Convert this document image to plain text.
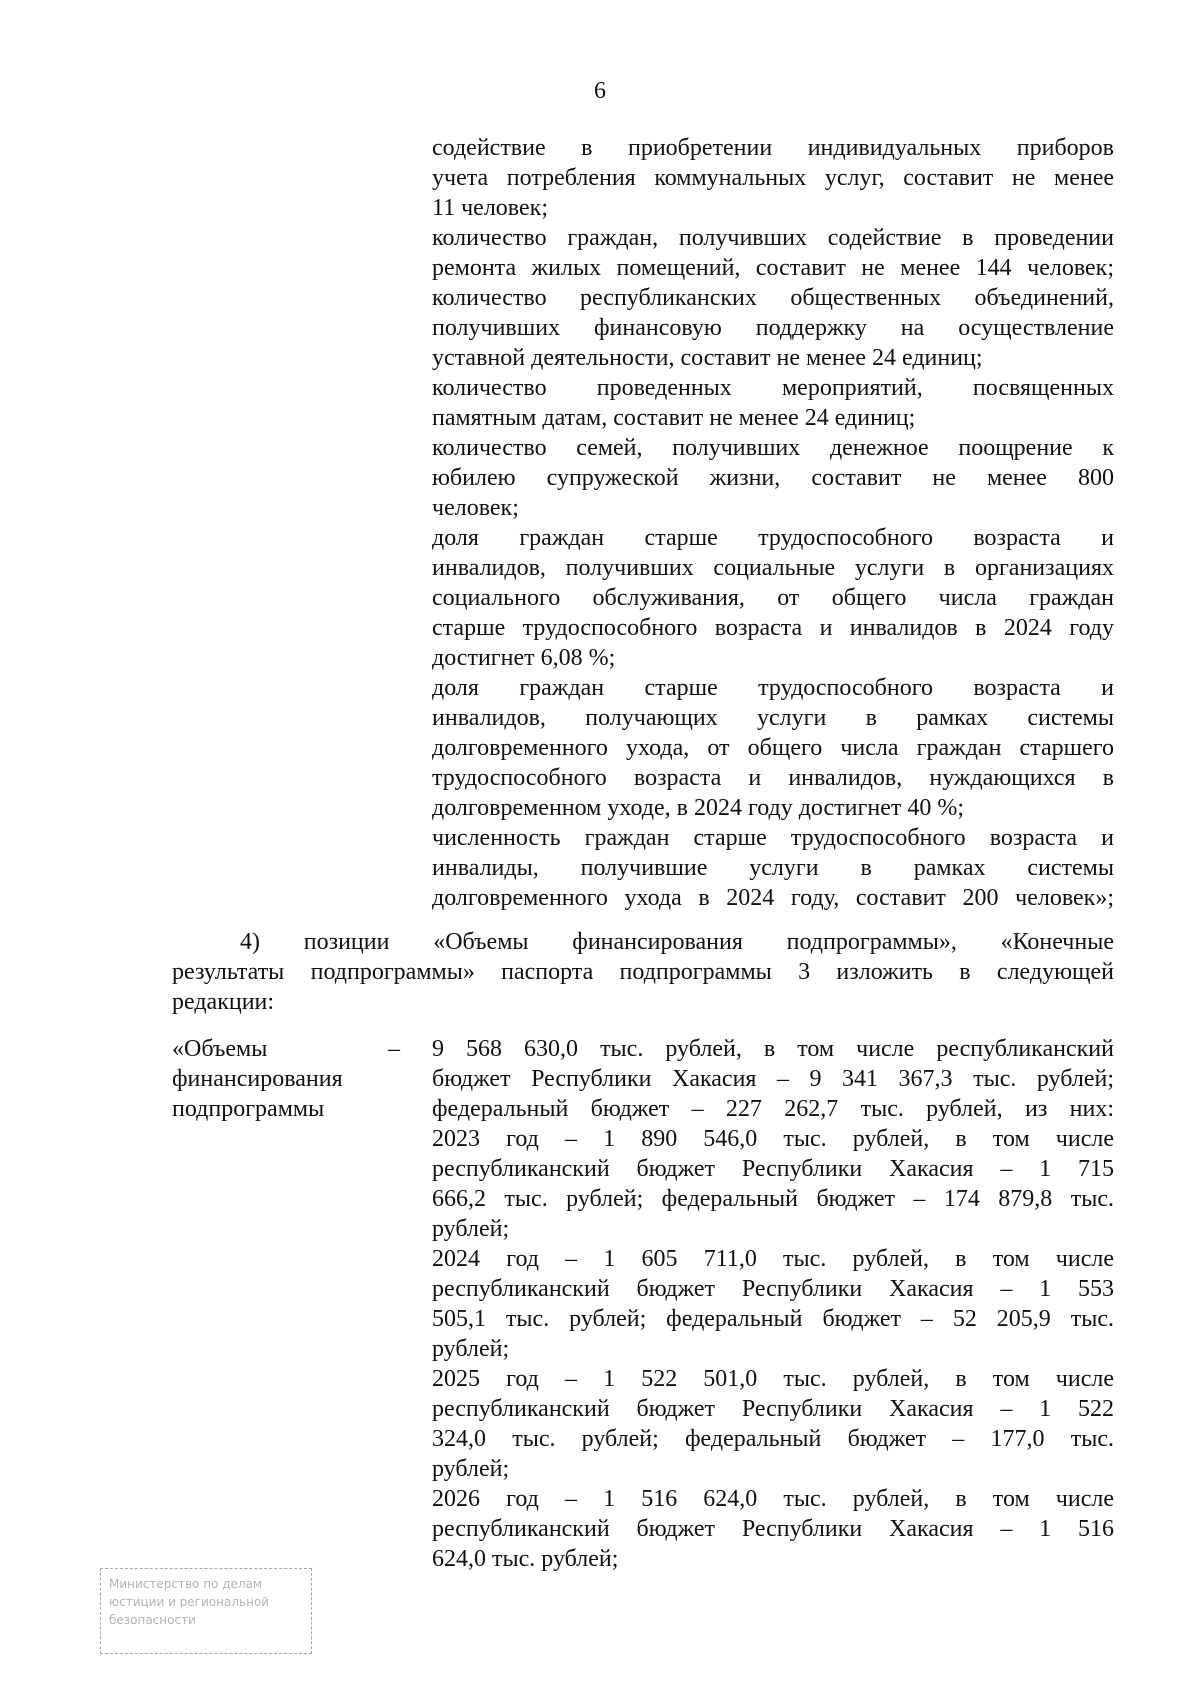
6
содействие в приобретении индивидуальных приборов
учета потребления коммунальных услуг, составит не менее
11 человек;
количество граждан, получивших содействие в проведении
ремонта жилых помещений, составит не менее 144 человек;
количество республиканских общественных объединений,
получивших финансовую поддержку на осуществление
уставной деятельности, составит не менее 24 единиц;
количество проведенных мероприятий, посвященных
памятным датам, составит не менее 24 единиц;
количество семей, получивших денежное поощрение к
юбилею супружеской жизни, составит не менее 800
человек;
доля граждан старше трудоспособного возраста и
инвалидов, получивших социальные услуги в организациях
социального обслуживания, от общего числа граждан
старше трудоспособного возраста и инвалидов в 2024 году
достигнет 6,08 %;
доля граждан старше трудоспособного возраста и
инвалидов, получающих услуги в рамках системы
долговременного ухода, от общего числа граждан старшего
трудоспособного возраста и инвалидов, нуждающихся в
долговременном уходе, в 2024 году достигнет 40 %;
численность граждан старше трудоспособного возраста и
инвалиды, получившие услуги в рамках системы
долговременного ухода в 2024 году, составит 200 человек»;
4) позиции «Объемы финансирования подпрограммы», «Конечные
результаты подпрограммы» паспорта подпрограммы 3 изложить в следующей
редакции:
«Объемы
финансирования
подпрограммы
– 9 568 630,0 тыс. рублей, в том числе республиканский
бюджет Республики Хакасия – 9 341 367,3 тыс. рублей;
федеральный бюджет – 227 262,7 тыс. рублей, из них:
2023 год – 1 890 546,0 тыс. рублей, в том числе
республиканский бюджет Республики Хакасия – 1 715
666,2 тыс. рублей; федеральный бюджет – 174 879,8 тыс.
рублей;
2024 год – 1 605 711,0 тыс. рублей, в том числе
республиканский бюджет Республики Хакасия – 1 553
505,1 тыс. рублей; федеральный бюджет – 52 205,9 тыс.
рублей;
2025 год – 1 522 501,0 тыс. рублей, в том числе
республиканский бюджет Республики Хакасия – 1 522
324,0 тыс. рублей; федеральный бюджет – 177,0 тыс.
рублей;
2026 год – 1 516 624,0 тыс. рублей, в том числе
республиканский бюджет Республики Хакасия – 1 516
624,0 тыс. рублей;
Министерство по делам
юстиции и региональной
безопасности
